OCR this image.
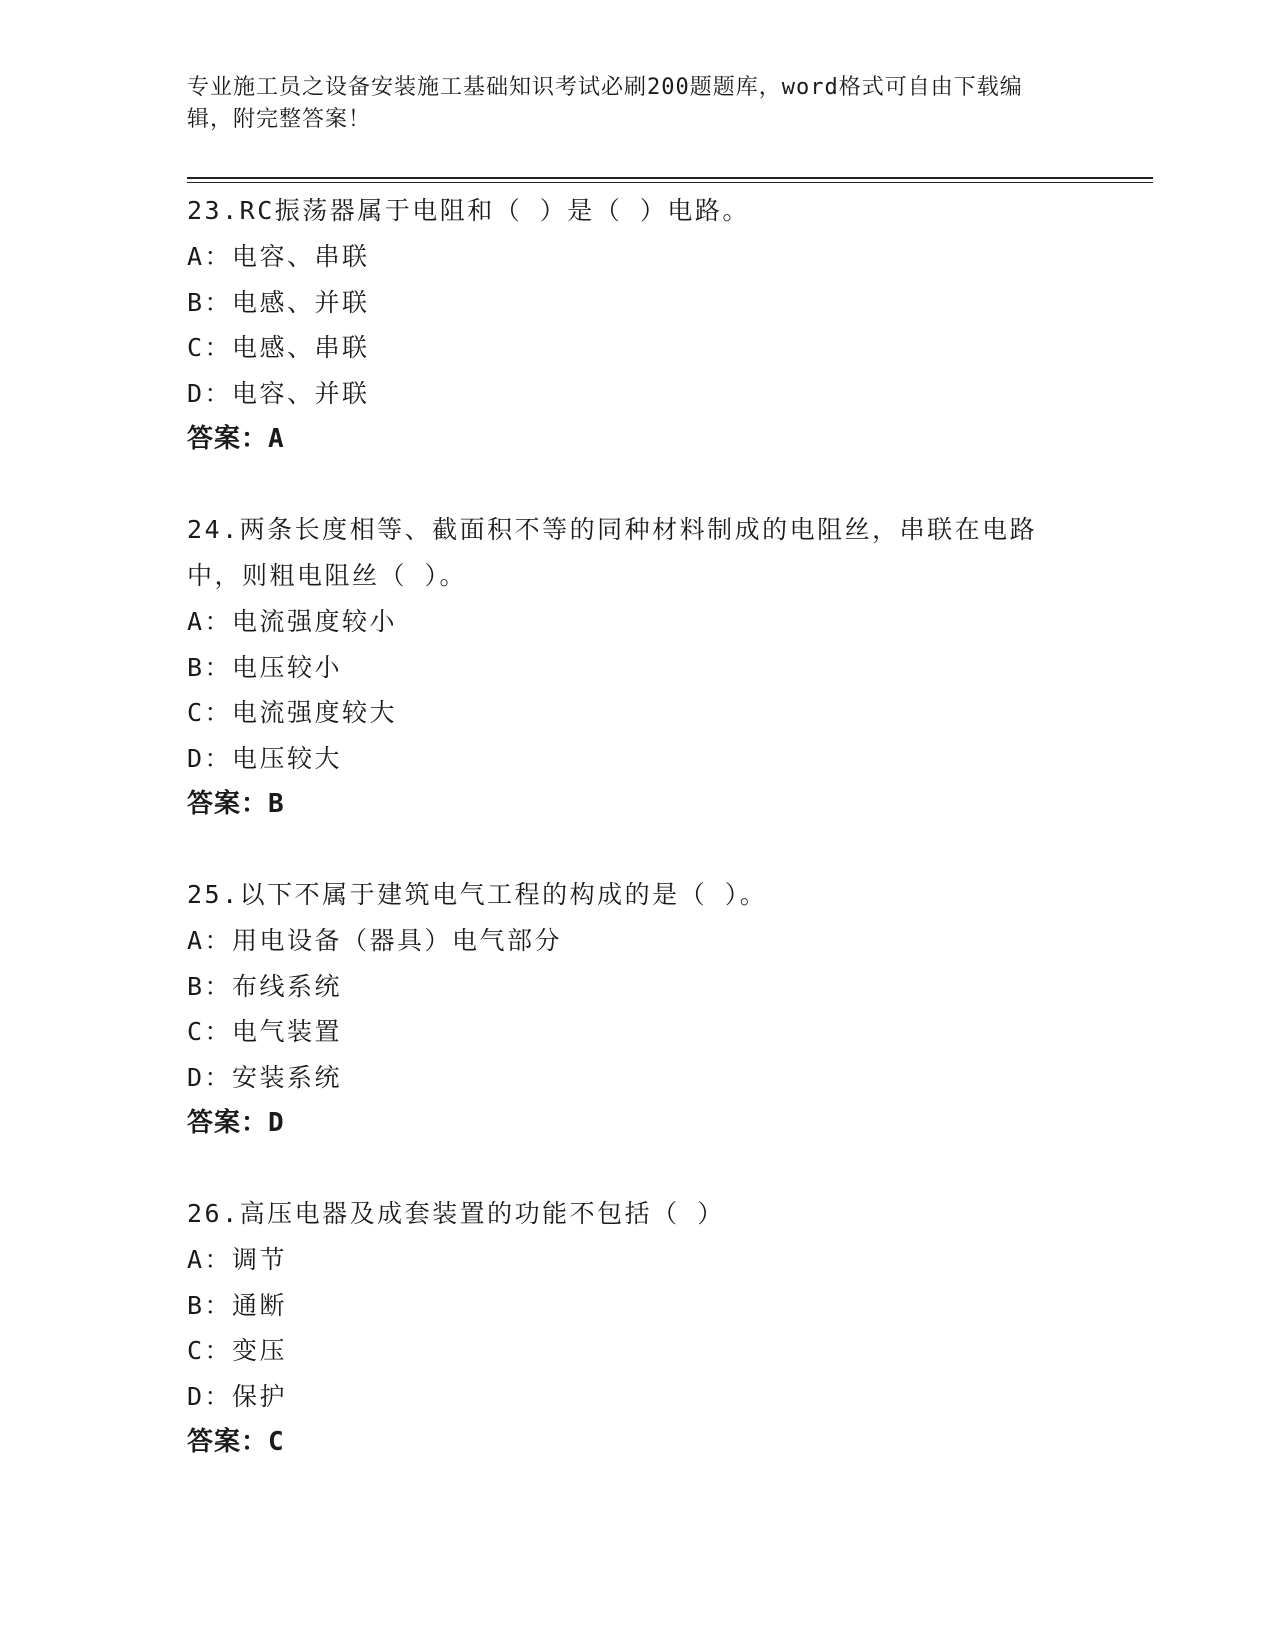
专业施工员之设备安装施工基础知识考试必刷200题题库，word格式可自由下载编辑，附完整答案！
23.RC振荡器属于电阻和（ ）是（ ）电路。
A：电容、串联
B：电感、并联
C：电感、串联
D：电容、并联
答案：A
24.两条长度相等、截面积不等的同种材料制成的电阻丝，串联在电路中，则粗电阻丝（ ）。
A：电流强度较小
B：电压较小
C：电流强度较大
D：电压较大
答案：B
25.以下不属于建筑电气工程的构成的是（ ）。
A：用电设备（器具）电气部分
B：布线系统
C：电气装置
D：安装系统
答案：D
26.高压电器及成套装置的功能不包括（ ）
A：调节
B：通断
C：变压
D：保护
答案：C
